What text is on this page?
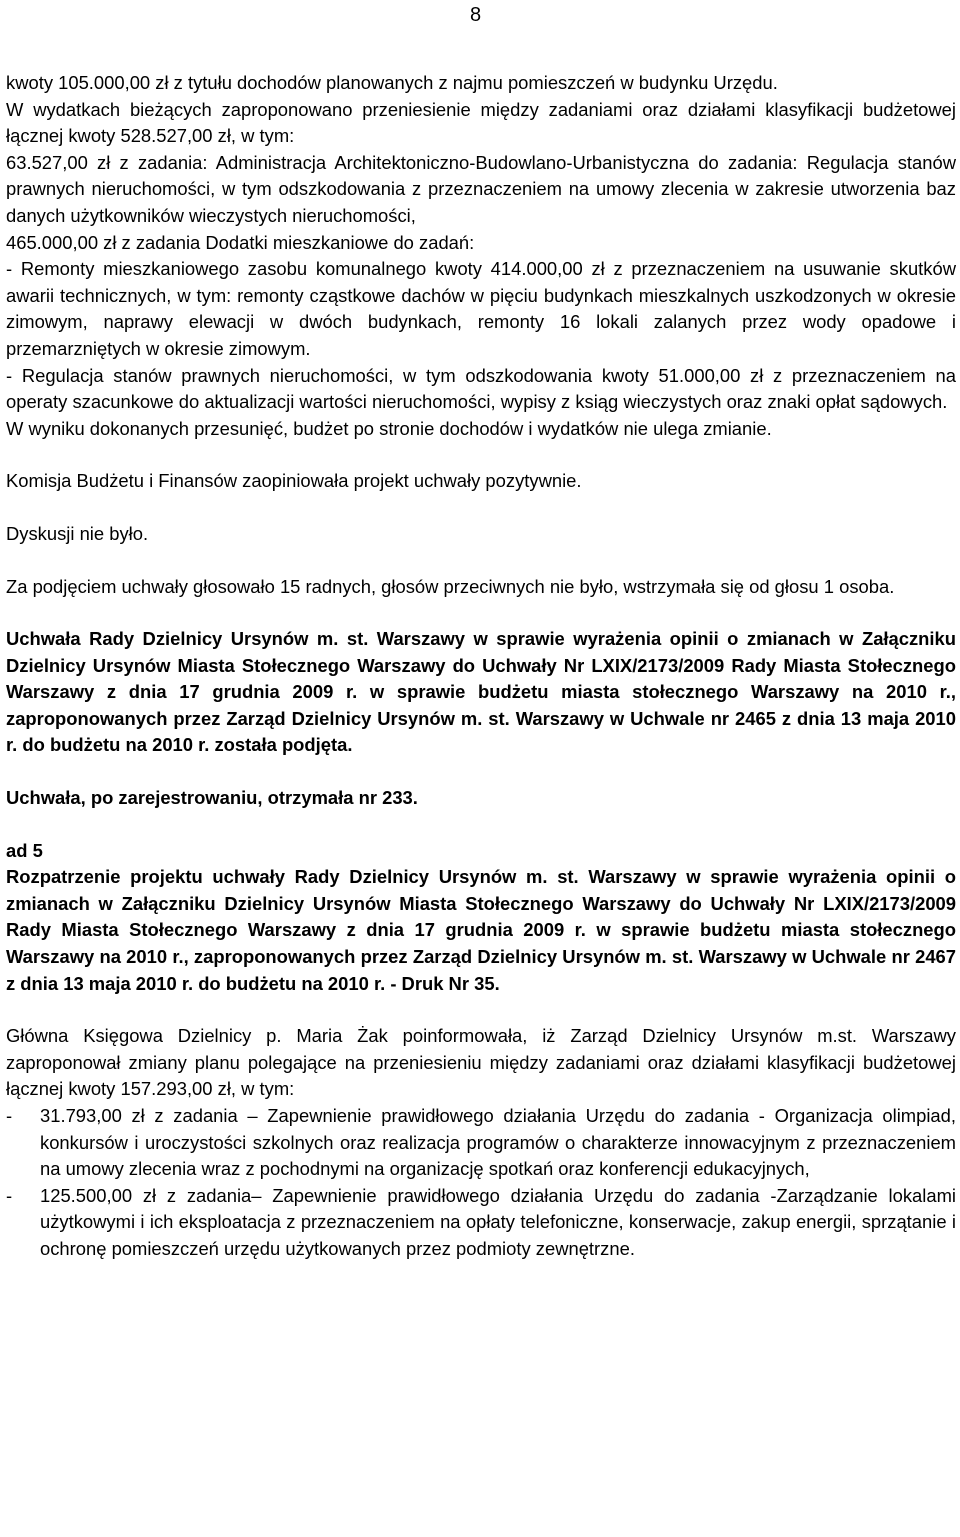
8

kwoty 105.000,00 zł z tytułu dochodów planowanych z najmu pomieszczeń w budynku Urzędu.

W wydatkach bieżących zaproponowano przeniesienie między zadaniami oraz działami klasyfikacji budżetowej łącznej kwoty 528.527,00 zł, w tym:

63.527,00 zł z zadania: Administracja Architektoniczno-Budowlano-Urbanistyczna do zadania: Regulacja stanów prawnych nieruchomości, w tym odszkodowania z przeznaczeniem na umowy zlecenia w zakresie utworzenia baz danych użytkowników wieczystych nieruchomości,

465.000,00 zł z zadania Dodatki mieszkaniowe do zadań:

- Remonty mieszkaniowego zasobu komunalnego kwoty 414.000,00 zł z przeznaczeniem na usuwanie skutków awarii technicznych, w tym: remonty cząstkowe dachów w pięciu budynkach mieszkalnych uszkodzonych w okresie zimowym, naprawy elewacji w dwóch budynkach, remonty 16 lokali zalanych przez wody opadowe i przemarzniętych w okresie zimowym.

- Regulacja stanów prawnych nieruchomości, w tym odszkodowania kwoty 51.000,00 zł z przeznaczeniem na operaty szacunkowe do aktualizacji wartości nieruchomości, wypisy z ksiąg wieczystych oraz znaki opłat sądowych.

W wyniku dokonanych przesunięć, budżet po stronie dochodów i wydatków nie ulega zmianie.

Komisja Budżetu i Finansów zaopiniowała projekt uchwały pozytywnie.

Dyskusji nie było.

Za podjęciem uchwały głosowało 15 radnych, głosów przeciwnych nie było, wstrzymała się od głosu 1 osoba.

Uchwała Rady Dzielnicy Ursynów m. st. Warszawy w sprawie wyrażenia opinii o zmianach w Załączniku Dzielnicy Ursynów Miasta Stołecznego Warszawy do Uchwały Nr LXIX/2173/2009 Rady Miasta Stołecznego Warszawy z dnia 17 grudnia 2009 r. w sprawie budżetu miasta stołecznego Warszawy na 2010 r., zaproponowanych przez Zarząd Dzielnicy Ursynów m. st. Warszawy w Uchwale nr 2465 z dnia 13 maja 2010 r. do budżetu na 2010 r. została podjęta.

Uchwała, po zarejestrowaniu, otrzymała nr 233.

ad 5

Rozpatrzenie projektu uchwały Rady Dzielnicy Ursynów m. st. Warszawy w sprawie wyrażenia opinii o zmianach w Załączniku Dzielnicy Ursynów Miasta Stołecznego Warszawy do Uchwały Nr LXIX/2173/2009 Rady Miasta Stołecznego Warszawy z dnia 17 grudnia 2009 r. w sprawie budżetu miasta stołecznego Warszawy na 2010 r., zaproponowanych przez Zarząd Dzielnicy Ursynów m. st. Warszawy w Uchwale nr 2467 z dnia 13 maja 2010 r. do budżetu na 2010 r. - Druk Nr 35.

Główna Księgowa Dzielnicy p. Maria Żak poinformowała, iż Zarząd Dzielnicy Ursynów m.st. Warszawy zaproponował zmiany planu polegające na przeniesieniu między zadaniami oraz działami klasyfikacji budżetowej łącznej kwoty 157.293,00 zł, w tym:

-	31.793,00 zł z zadania – Zapewnienie prawidłowego działania Urzędu do zadania - Organizacja olimpiad, konkursów i uroczystości szkolnych oraz realizacja programów o charakterze innowacyjnym z przeznaczeniem na umowy zlecenia wraz z pochodnymi na organizację spotkań oraz konferencji edukacyjnych,
-	125.500,00 zł z zadania– Zapewnienie prawidłowego działania Urzędu do zadania -Zarządzanie lokalami użytkowymi i ich eksploatacja z przeznaczeniem na opłaty telefoniczne, konserwacje, zakup energii, sprzątanie i ochronę pomieszczeń urzędu użytkowanych przez podmioty zewnętrzne.
